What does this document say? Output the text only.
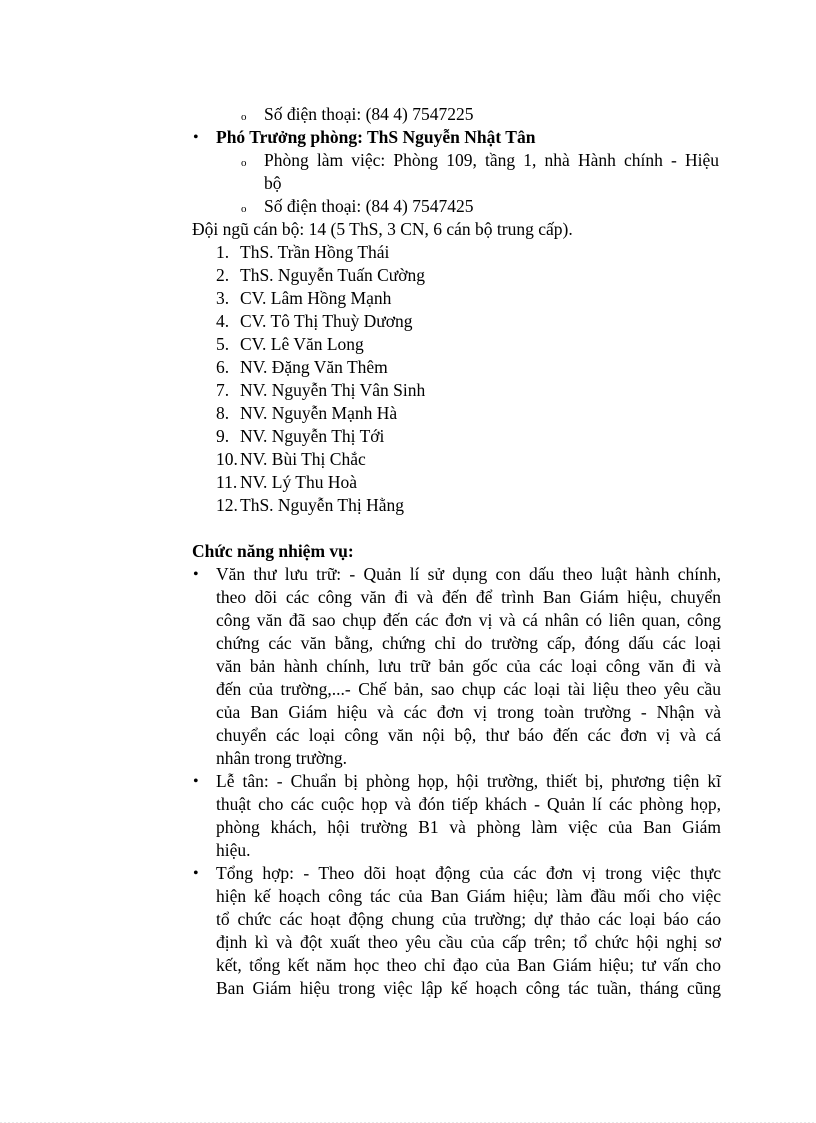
o Số điện thoại: (84 4) 7547225
• Phó Trưởng phòng: ThS Nguyễn Nhật Tân
o Phòng làm việc: Phòng 109, tầng 1, nhà Hành chính - Hiệu
bộ
o Số điện thoại: (84 4) 7547425
Đội ngũ cán bộ: 14 (5 ThS, 3 CN, 6 cán bộ trung cấp).
1. ThS. Trần Hồng Thái
2. ThS. Nguyễn Tuấn Cường
3. CV. Lâm Hồng Mạnh
4. CV. Tô Thị Thuỳ Dương
5. CV. Lê Văn Long
6. NV. Đặng Văn Thêm
7. NV. Nguyễn Thị Vân Sinh
8. NV. Nguyễn Mạnh Hà
9. NV. Nguyễn Thị Tới
10. NV. Bùi Thị Chắc
11. NV. Lý Thu Hoà
12. ThS. Nguyễn Thị Hằng
Chức năng nhiệm vụ:
• Văn thư lưu trữ: - Quản lí sử dụng con dấu theo luật hành chính,
theo dõi các công văn đi và đến để trình Ban Giám hiệu, chuyển
công văn đã sao chụp đến các đơn vị và cá nhân có liên quan, công
chứng các văn bằng, chứng chỉ do trường cấp, đóng dấu các loại
văn bản hành chính, lưu trữ bản gốc của các loại công văn đi và
đến của trường,...- Chế bản, sao chụp các loại tài liệu theo yêu cầu
của Ban Giám hiệu và các đơn vị trong toàn trường - Nhận và
chuyển các loại công văn nội bộ, thư báo đến các đơn vị và cá
nhân trong trường.
• Lễ tân: - Chuẩn bị phòng họp, hội trường, thiết bị, phương tiện kĩ
thuật cho các cuộc họp và đón tiếp khách - Quản lí các phòng họp,
phòng khách, hội trường B1 và phòng làm việc của Ban Giám
hiệu.
• Tổng hợp: - Theo dõi hoạt động của các đơn vị trong việc thực
hiện kế hoạch công tác của Ban Giám hiệu; làm đầu mối cho việc
tổ chức các hoạt động chung của trường; dự thảo các loại báo cáo
định kì và đột xuất theo yêu cầu của cấp trên; tổ chức hội nghị sơ
kết, tổng kết năm học theo chỉ đạo của Ban Giám hiệu; tư vấn cho
Ban Giám hiệu trong việc lập kế hoạch công tác tuần, tháng cũng
